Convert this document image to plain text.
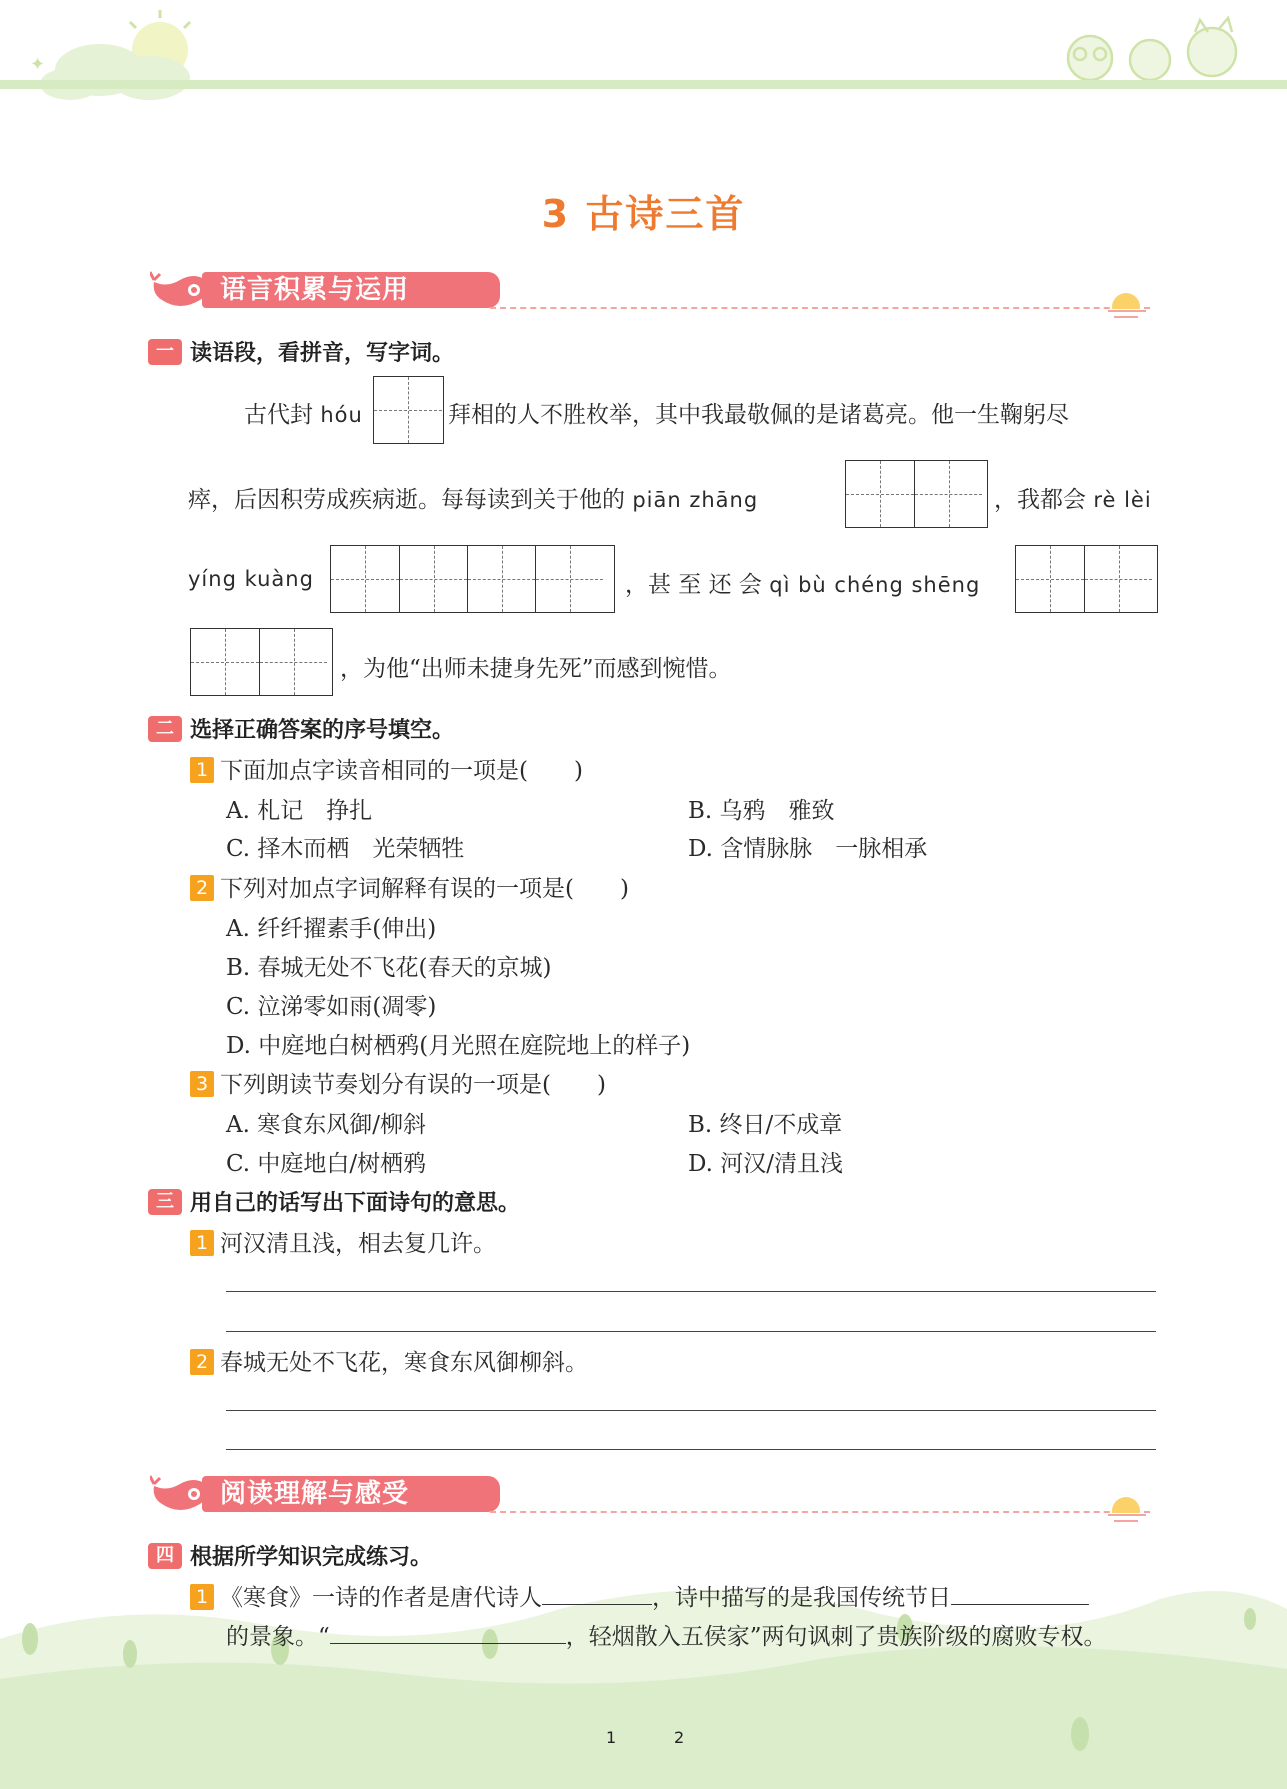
✦
3 古诗三首
语言积累与运用
一 读语段，看拼音，写字词。
古代封 hóu	拜相的人不胜枚举，其中我最敬佩的是诸葛亮。他一生鞠躬尽
瘁，后因积劳成疾病逝。每每读到关于他的 piān zhāng	，我都会 rè lèi
yíng kuàng	，甚 至 还 会 qì bù chéng shēng
，为他“出师未捷身先死”而感到惋惜。
二 选择正确答案的序号填空。
1 下面加点字读音相同的一项是(　　)
A. 札记　挣扎	B. 乌鸦　雅致
C. 择木而栖　光荣牺牲	D. 含情脉脉　一脉相承
2 下列对加点字词解释有误的一项是(　　)
A. 纤纤擢素手(伸出)
B. 春城无处不飞花(春天的京城)
C. 泣涕零如雨(凋零)
D. 中庭地白树栖鸦(月光照在庭院地上的样子)
3 下列朗读节奏划分有误的一项是(　　)
A. 寒食东风御/柳斜	B. 终日/不成章
C. 中庭地白/树栖鸦	D. 河汉/清且浅
三 用自己的话写出下面诗句的意思。
1 河汉清且浅，相去复几许。
2 春城无处不飞花，寒食东风御柳斜。
阅读理解与感受
四 根据所学知识完成练习。
1 《寒食》一诗的作者是唐代诗人	，诗中描写的是我国传统节日
的景象。“	，轻烟散入五侯家”两句讽刺了贵族阶级的腐败专权。
1	2
